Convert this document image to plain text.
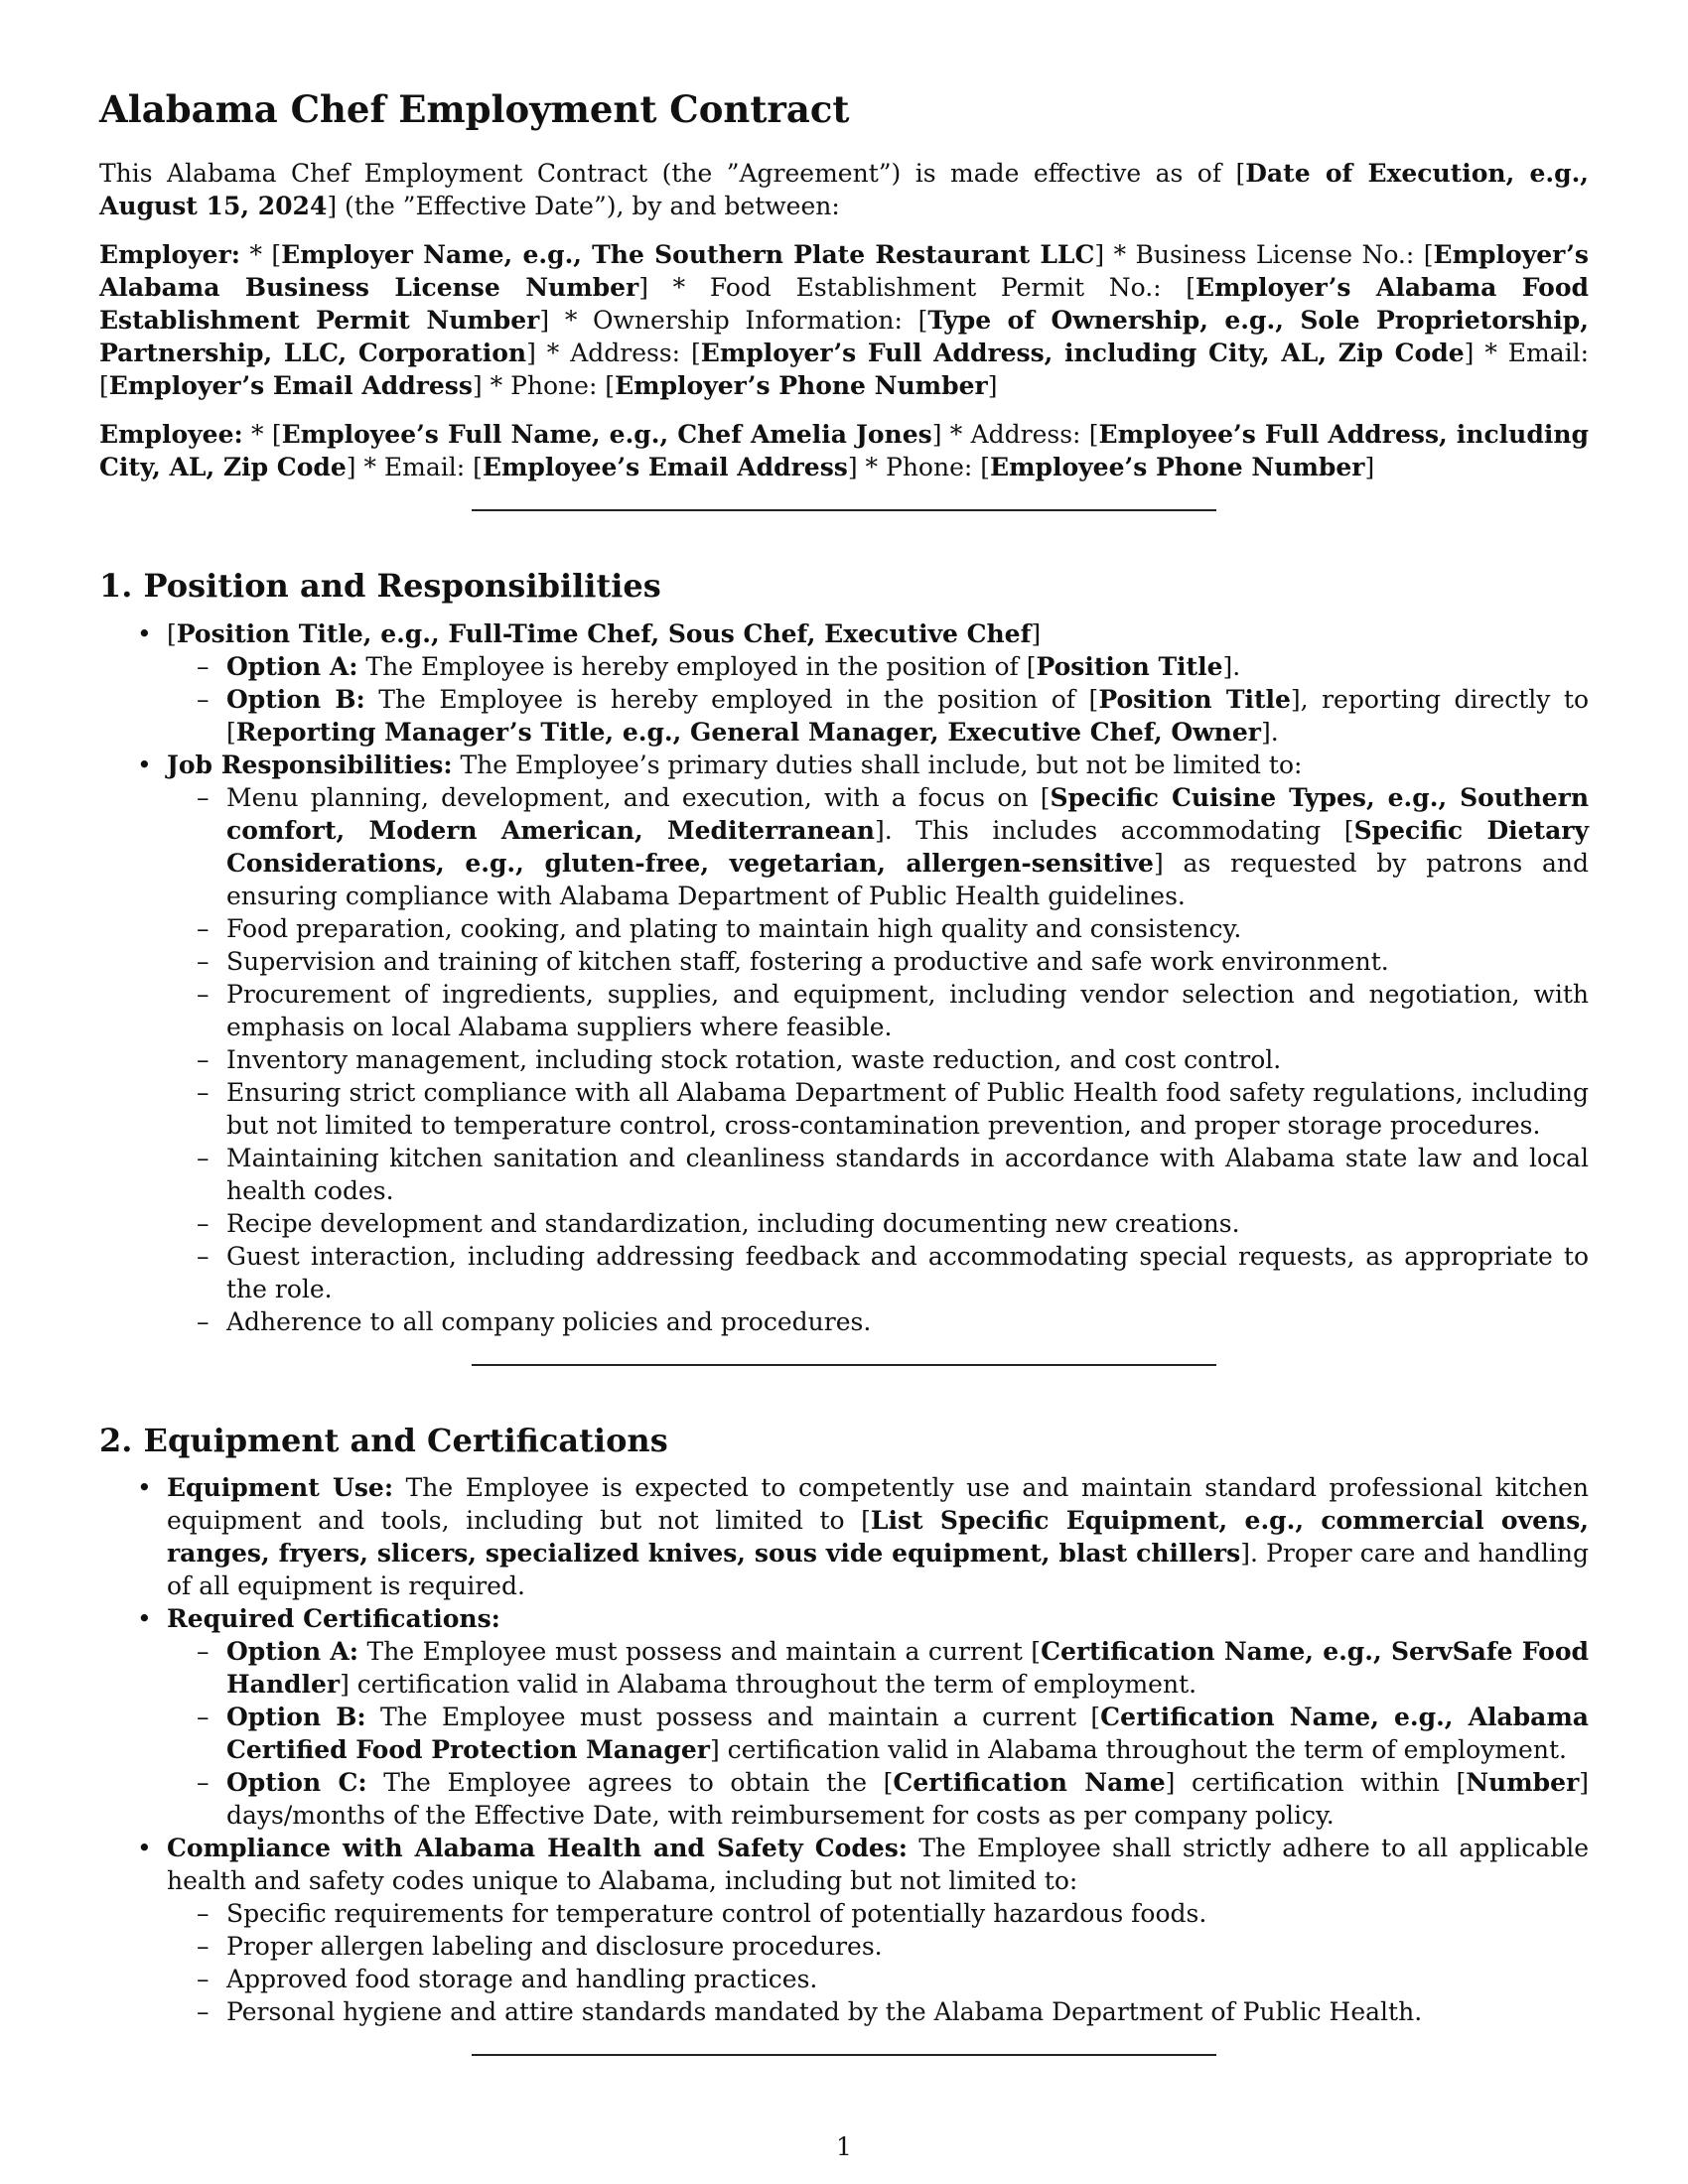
Alabama Chef Employment Contract

This Alabama Chef Employment Contract (the ”Agreement”) is made effective as of [Date of Execution, e.g., August 15, 2024] (the ”Effective Date”), by and between:

Employer: * [Employer Name, e.g., The Southern Plate Restaurant LLC] * Business License No.: [Employer’s Alabama Business License Number] * Food Establishment Permit No.: [Employer’s Alabama Food Establishment Permit Number] * Ownership Information: [Type of Ownership, e.g., Sole Proprietorship, Partnership, LLC, Corporation] * Address: [Employer’s Full Address, including City, AL, Zip Code] * Email: [Employer’s Email Address] * Phone: [Employer’s Phone Number]

Employee: * [Employee’s Full Name, e.g., Chef Amelia Jones] * Address: [Employee’s Full Address, including City, AL, Zip Code] * Email: [Employee’s Email Address] * Phone: [Employee’s Phone Number]

1. Position and Responsibilities
• [Position Title, e.g., Full-Time Chef, Sous Chef, Executive Chef]
– Option A: The Employee is hereby employed in the position of [Position Title].
– Option B: The Employee is hereby employed in the position of [Position Title], reporting directly to [Reporting Manager’s Title, e.g., General Manager, Executive Chef, Owner].
• Job Responsibilities: The Employee’s primary duties shall include, but not be limited to:
– Menu planning, development, and execution, with a focus on [Specific Cuisine Types, e.g., Southern comfort, Modern American, Mediterranean]. This includes accommodating [Specific Dietary Considerations, e.g., gluten-free, vegetarian, allergen-sensitive] as requested by patrons and ensuring compliance with Alabama Department of Public Health guidelines.
– Food preparation, cooking, and plating to maintain high quality and consistency.
– Supervision and training of kitchen staff, fostering a productive and safe work environment.
– Procurement of ingredients, supplies, and equipment, including vendor selection and negotiation, with emphasis on local Alabama suppliers where feasible.
– Inventory management, including stock rotation, waste reduction, and cost control.
– Ensuring strict compliance with all Alabama Department of Public Health food safety regulations, including but not limited to temperature control, cross-contamination prevention, and proper storage procedures.
– Maintaining kitchen sanitation and cleanliness standards in accordance with Alabama state law and local health codes.
– Recipe development and standardization, including documenting new creations.
– Guest interaction, including addressing feedback and accommodating special requests, as appropriate to the role.
– Adherence to all company policies and procedures.
2. Equipment and Certifications
• Equipment Use: The Employee is expected to competently use and maintain standard professional kitchen equipment and tools, including but not limited to [List Specific Equipment, e.g., commercial ovens, ranges, fryers, slicers, specialized knives, sous vide equipment, blast chillers]. Proper care and handling of all equipment is required.
• Required Certifications:
– Option A: The Employee must possess and maintain a current [Certification Name, e.g., ServSafe Food Handler] certification valid in Alabama throughout the term of employment.
– Option B: The Employee must possess and maintain a current [Certification Name, e.g., Alabama Certified Food Protection Manager] certification valid in Alabama throughout the term of employment.
– Option C: The Employee agrees to obtain the [Certification Name] certification within [Number] days/months of the Effective Date, with reimbursement for costs as per company policy.
• Compliance with Alabama Health and Safety Codes: The Employee shall strictly adhere to all applicable health and safety codes unique to Alabama, including but not limited to:
– Specific requirements for temperature control of potentially hazardous foods.
– Proper allergen labeling and disclosure procedures.
– Approved food storage and handling practices.
– Personal hygiene and attire standards mandated by the Alabama Department of Public Health.
1
